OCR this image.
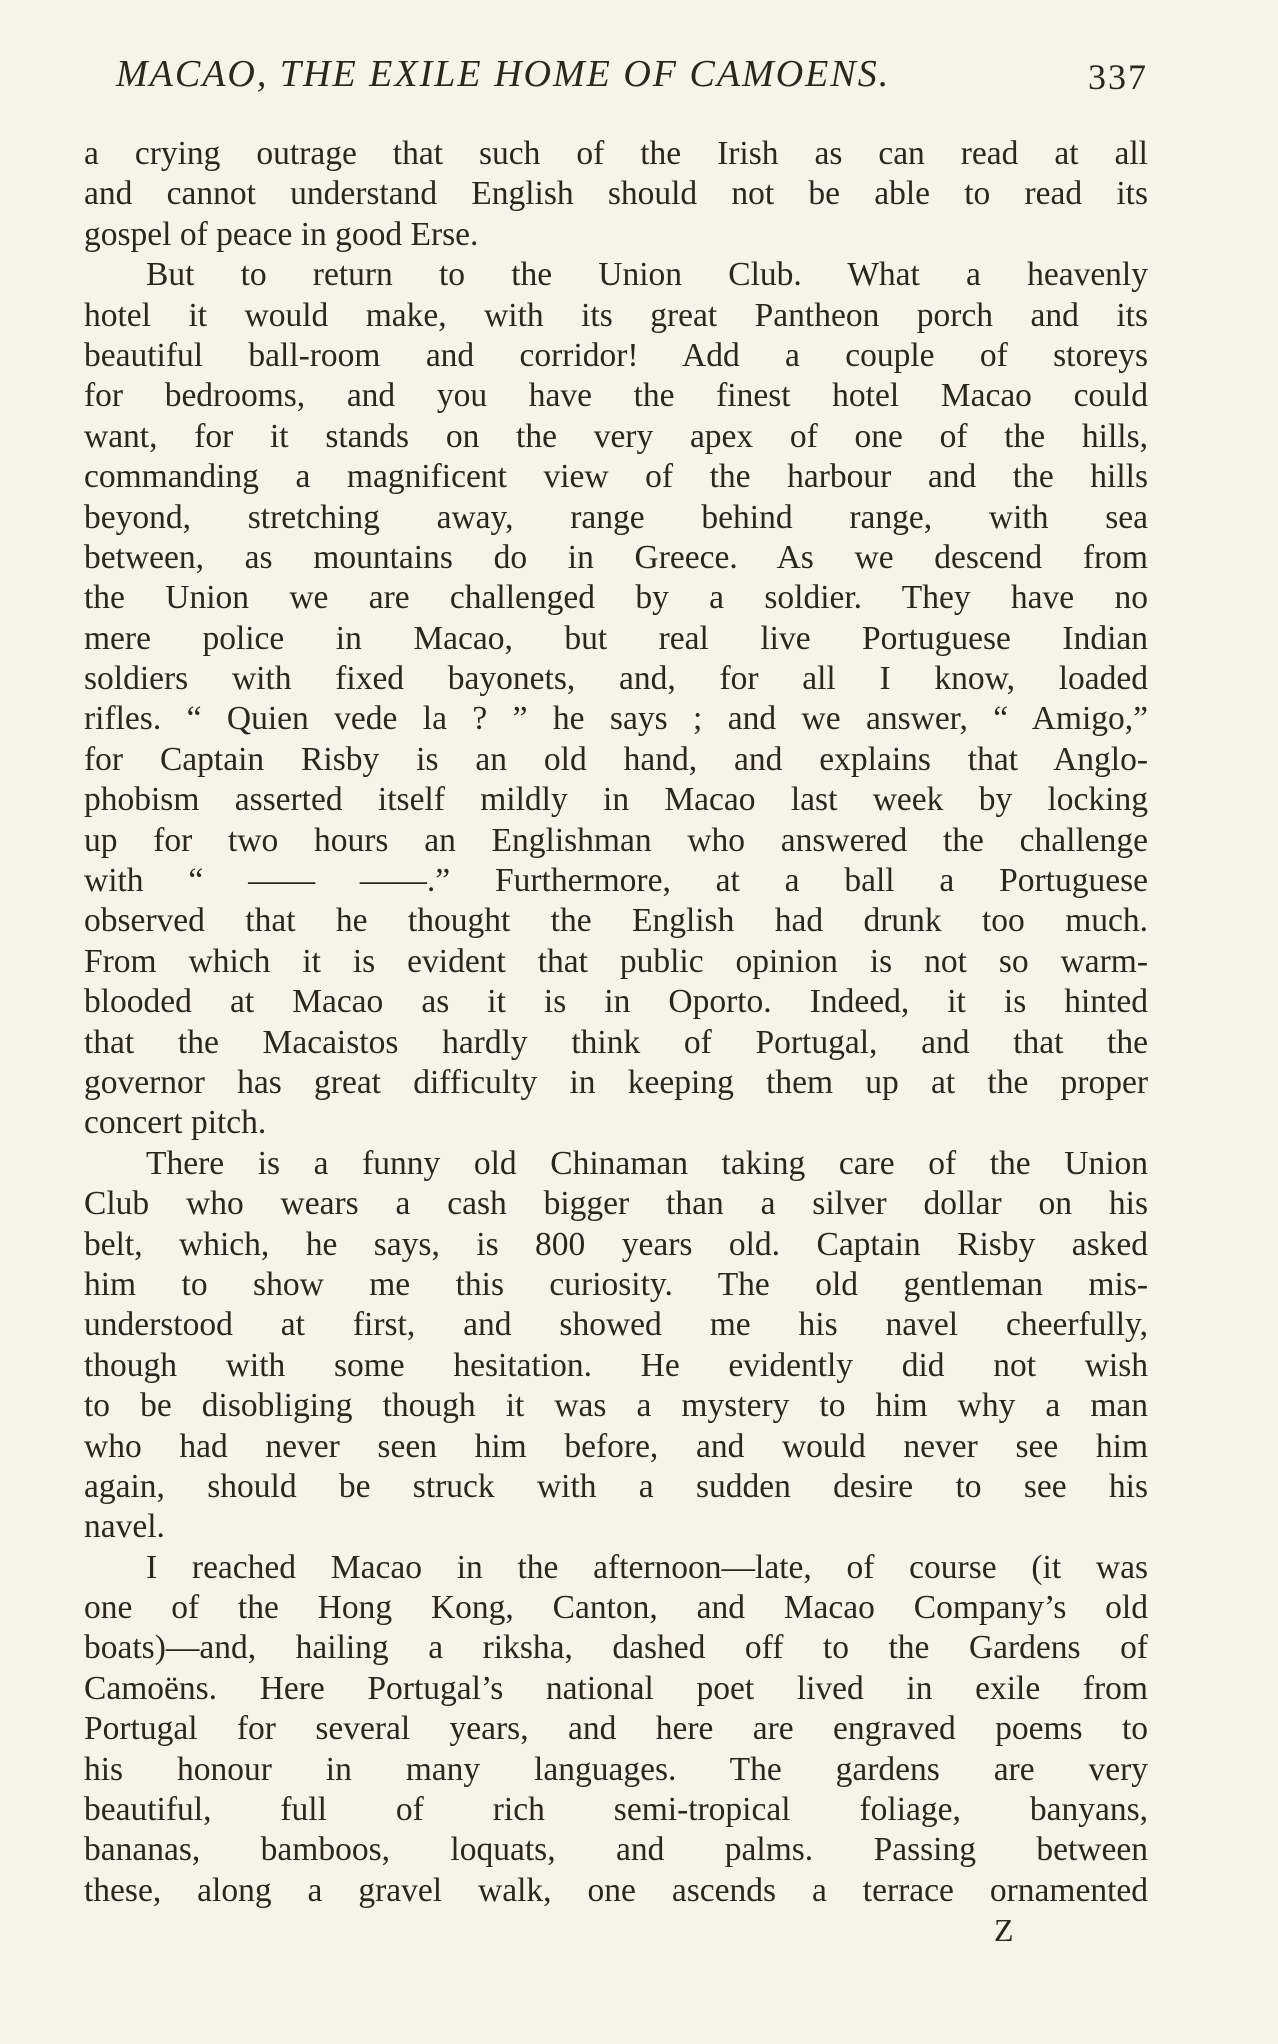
MACAO, THE EXILE HOME OF CAMOENS.	337
a crying outrage that such of the Irish as can read at all
and cannot understand English should not be able to read its
gospel of peace in good Erse.
But to return to the Union Club. What a heavenly
hotel it would make, with its great Pantheon porch and its
beautiful ball-room and corridor! Add a couple of storeys
for bedrooms, and you have the finest hotel Macao could
want, for it stands on the very apex of one of the hills,
commanding a magnificent view of the harbour and the hills
beyond, stretching away, range behind range, with sea
between, as mountains do in Greece. As we descend from
the Union we are challenged by a soldier. They have no
mere police in Macao, but real live Portuguese Indian
soldiers with fixed bayonets, and, for all I know, loaded
rifles. “ Quien vede la ? ” he says ; and we answer, “ Amigo,”
for Captain Risby is an old hand, and explains that Anglo-
phobism asserted itself mildly in Macao last week by locking
up for two hours an Englishman who answered the challenge
with “ —— ——.” Furthermore, at a ball a Portuguese
observed that he thought the English had drunk too much.
From which it is evident that public opinion is not so warm-
blooded at Macao as it is in Oporto. Indeed, it is hinted
that the Macaistos hardly think of Portugal, and that the
governor has great difficulty in keeping them up at the proper
concert pitch.
There is a funny old Chinaman taking care of the Union
Club who wears a cash bigger than a silver dollar on his
belt, which, he says, is 800 years old. Captain Risby asked
him to show me this curiosity. The old gentleman mis-
understood at first, and showed me his navel cheerfully,
though with some hesitation. He evidently did not wish
to be disobliging though it was a mystery to him why a man
who had never seen him before, and would never see him
again, should be struck with a sudden desire to see his
navel.
I reached Macao in the afternoon—late, of course (it was
one of the Hong Kong, Canton, and Macao Company’s old
boats)—and, hailing a riksha, dashed off to the Gardens of
Camoëns. Here Portugal’s national poet lived in exile from
Portugal for several years, and here are engraved poems to
his honour in many languages. The gardens are very
beautiful, full of rich semi-tropical foliage, banyans,
bananas, bamboos, loquats, and palms. Passing between
these, along a gravel walk, one ascends a terrace ornamented
Z
